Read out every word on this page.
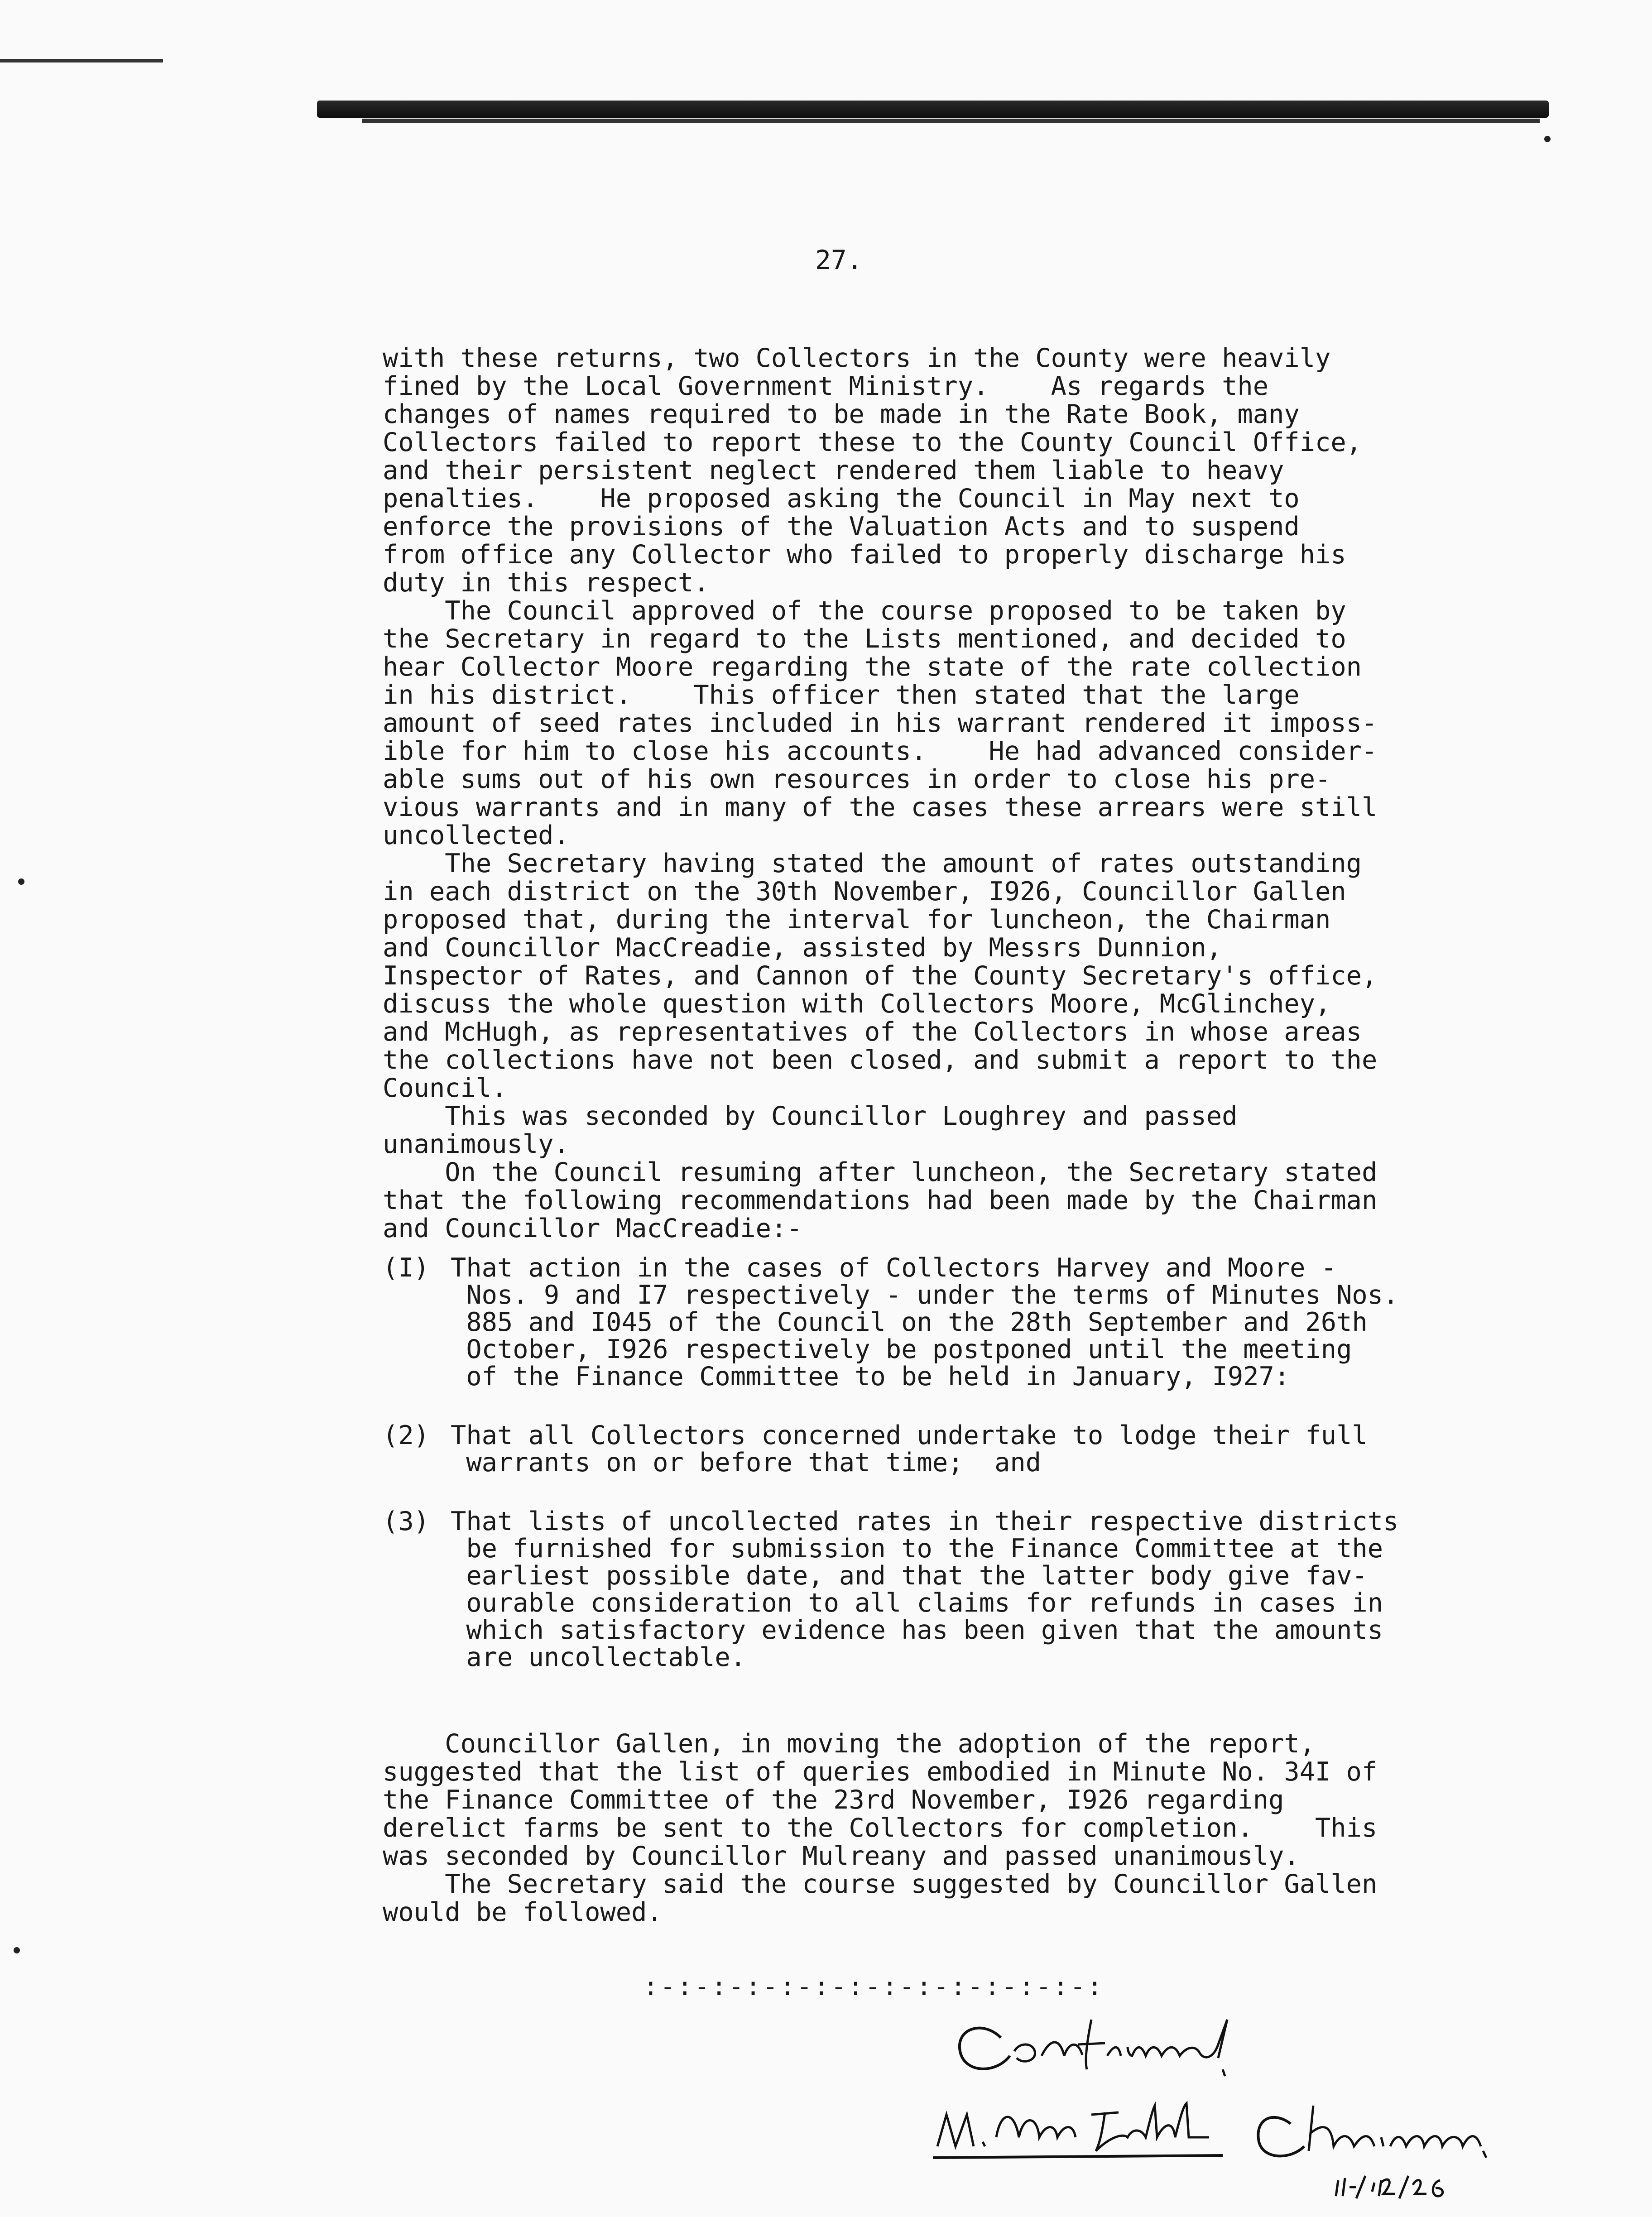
27.
with these returns, two Collectors in the County were heavily
fined by the Local Government Ministry.    As regards the
changes of names required to be made in the Rate Book, many
Collectors failed to report these to the County Council Office,
and their persistent neglect rendered them liable to heavy
penalties.    He proposed asking the Council in May next to
enforce the provisions of the Valuation Acts and to suspend
from office any Collector who failed to properly discharge his
duty in this respect.
The Council approved of the course proposed to be taken by
the Secretary in regard to the Lists mentioned, and decided to
hear Collector Moore regarding the state of the rate collection
in his district.    This officer then stated that the large
amount of seed rates included in his warrant rendered it imposs-
ible for him to close his accounts.    He had advanced consider-
able sums out of his own resources in order to close his pre-
vious warrants and in many of the cases these arrears were still
uncollected.
The Secretary having stated the amount of rates outstanding
in each district on the 30th November, I926, Councillor Gallen
proposed that, during the interval for luncheon, the Chairman
and Councillor MacCreadie, assisted by Messrs Dunnion,
Inspector of Rates, and Cannon of the County Secretary's office,
discuss the whole question with Collectors Moore, McGlinchey,
and McHugh, as representatives of the Collectors in whose areas
the collections have not been closed, and submit a report to the
Council.
This was seconded by Councillor Loughrey and passed
unanimously.
On the Council resuming after luncheon, the Secretary stated
that the following recommendations had been made by the Chairman
and Councillor MacCreadie:-
(I) That action in the cases of Collectors Harvey and Moore -
Nos. 9 and I7 respectively - under the terms of Minutes Nos.
885 and I045 of the Council on the 28th September and 26th
October, I926 respectively be postponed until the meeting
of the Finance Committee to be held in January, I927:
(2) That all Collectors concerned undertake to lodge their full
warrants on or before that time;  and
(3) That lists of uncollected rates in their respective districts
be furnished for submission to the Finance Committee at the
earliest possible date, and that the latter body give fav-
ourable consideration to all claims for refunds in cases in
which satisfactory evidence has been given that the amounts
are uncollectable.
Councillor Gallen, in moving the adoption of the report,
suggested that the list of queries embodied in Minute No. 34I of
the Finance Committee of the 23rd November, I926 regarding
derelict farms be sent to the Collectors for completion.    This
was seconded by Councillor Mulreany and passed unanimously.
The Secretary said the course suggested by Councillor Gallen
would be followed.
:-:-:-:-:-:-:-:-:-:-:-:-:-:
